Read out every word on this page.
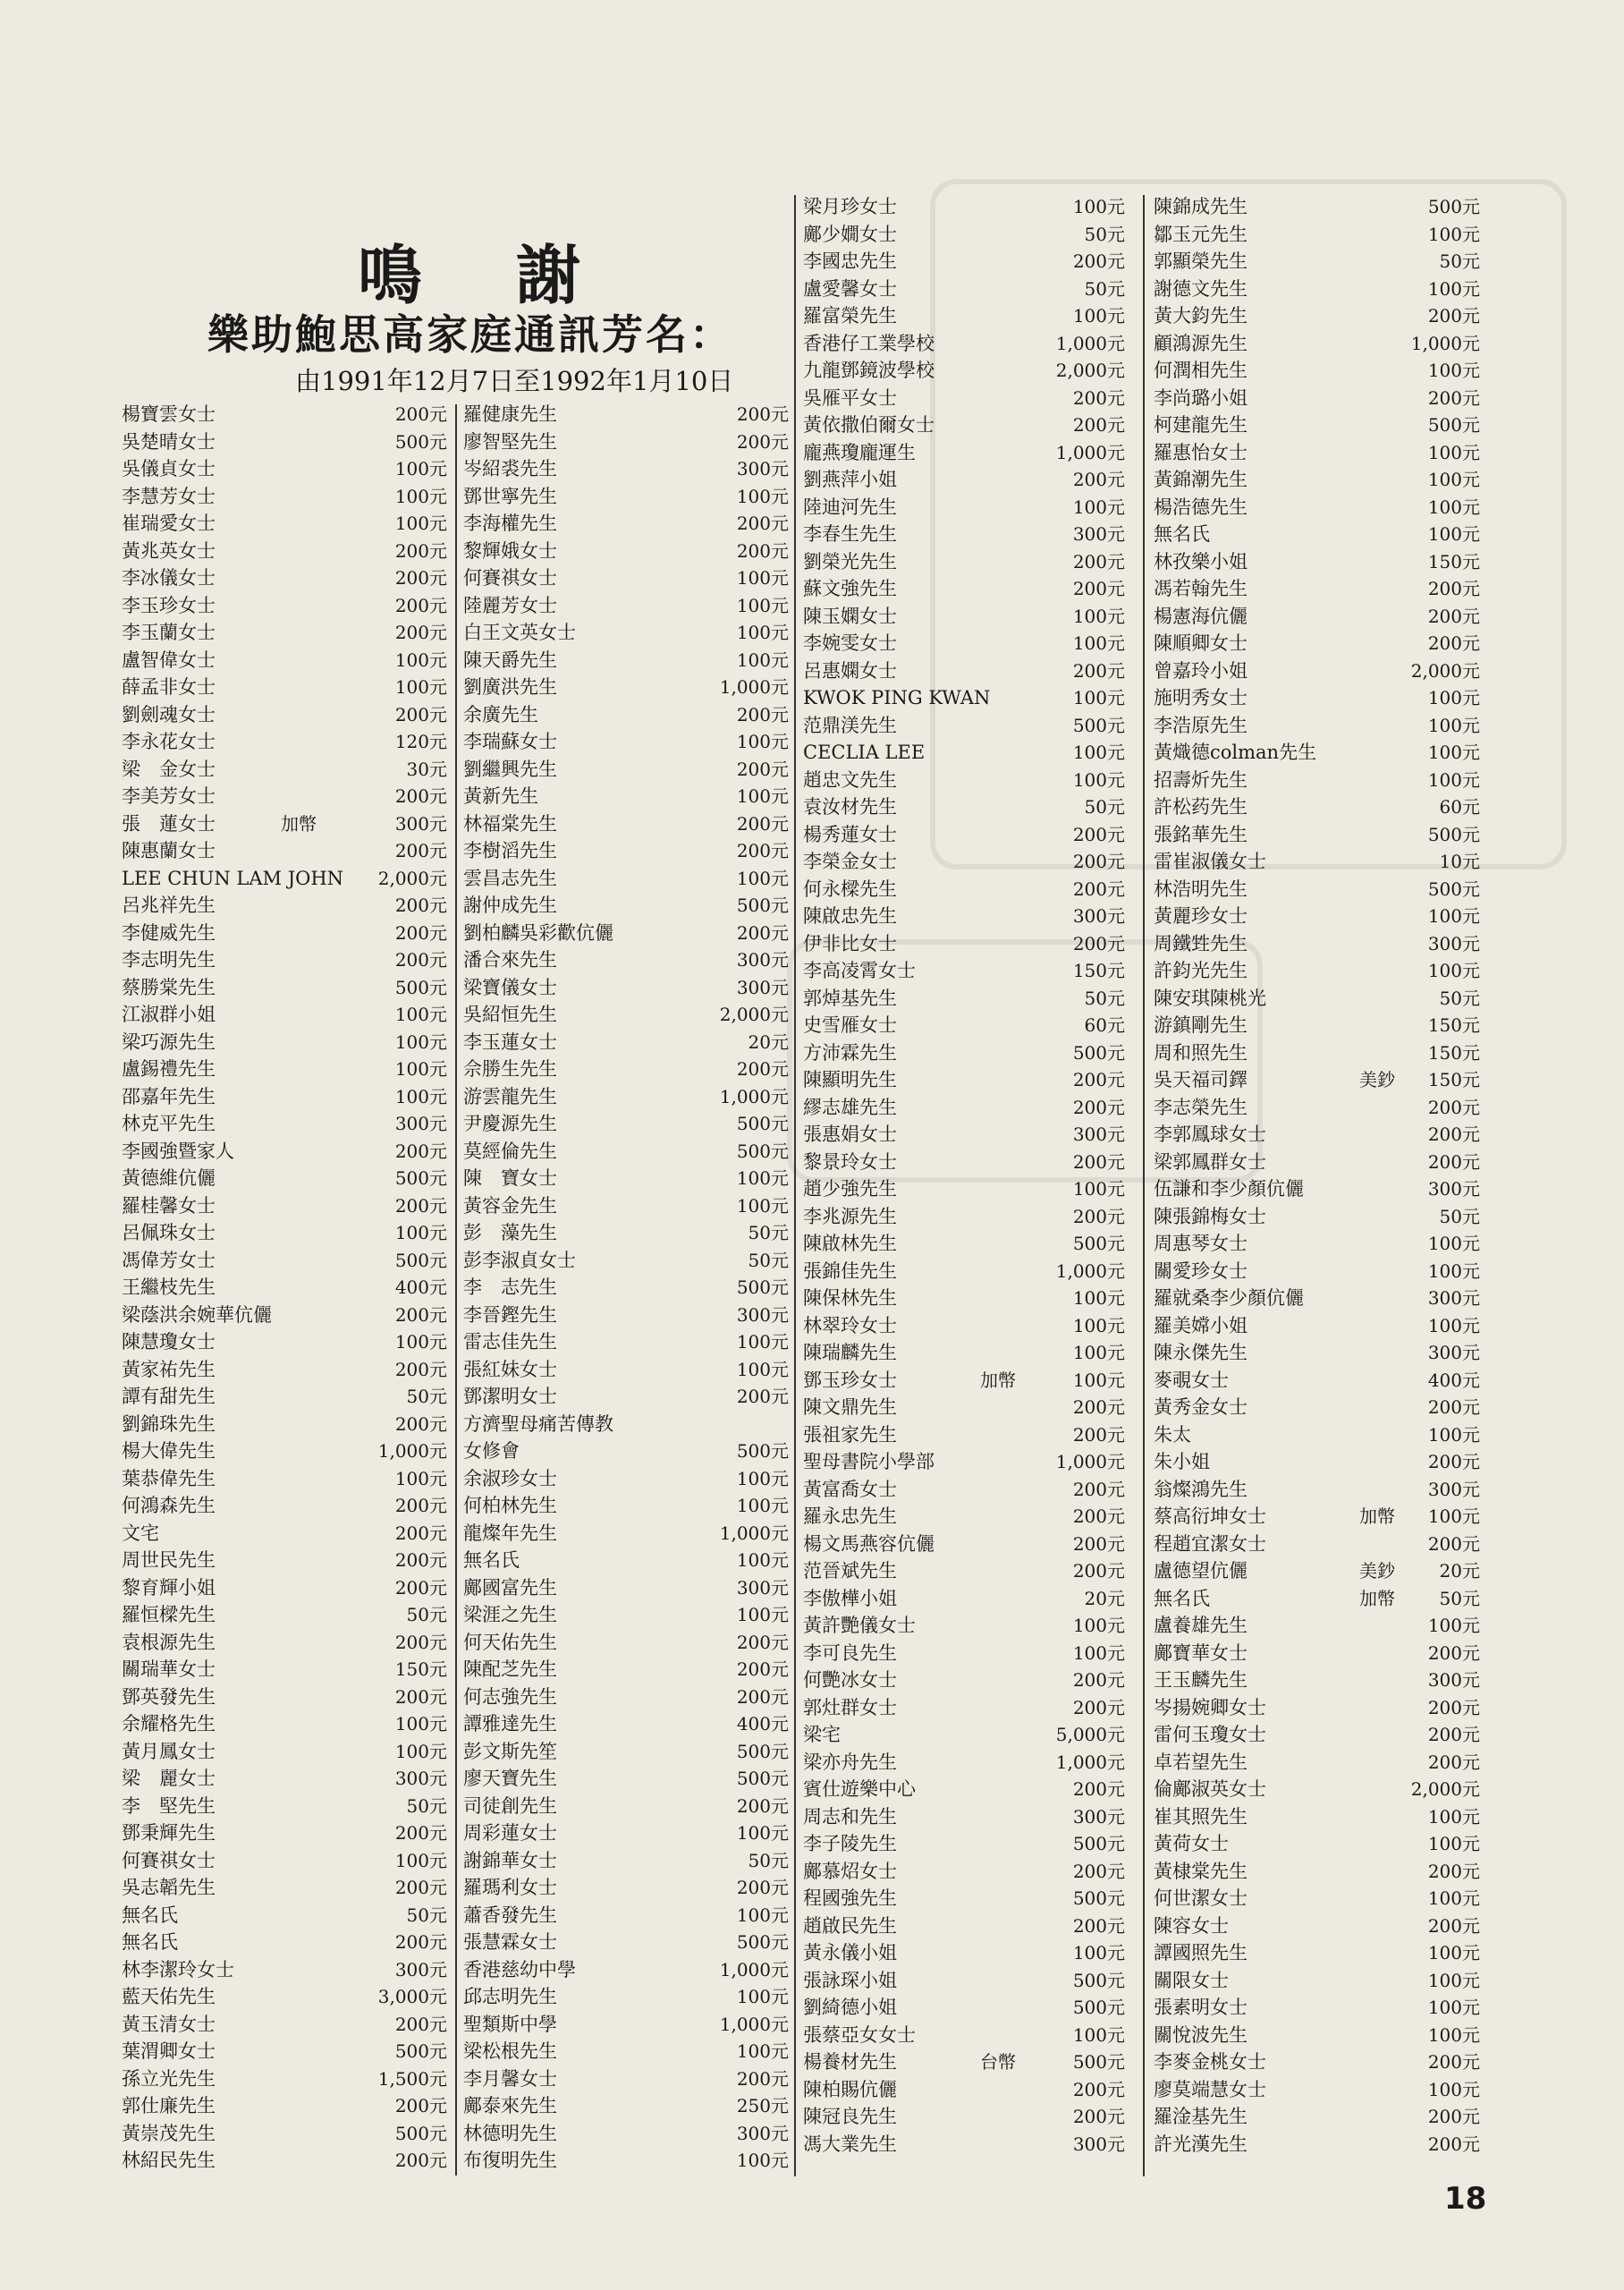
鳴 謝
樂助鮑思高家庭通訊芳名：
由1991年12月7日至1992年1月10日
楊寶雲女士	200元
吳楚晴女士	500元
吳儀貞女士	100元
李慧芳女士	100元
崔瑞愛女士	100元
黃兆英女士	200元
李冰儀女士	200元
李玉珍女士	200元
李玉蘭女士	200元
盧智偉女士	100元
薛孟非女士	100元
劉劍魂女士	200元
李永花女士	120元
梁　金女士	30元
李美芳女士	200元
張　蓮女士	加幣	300元
陳惠蘭女士	200元
LEE CHUN LAM JOHN 2,000元
呂兆祥先生	200元
李健威先生	200元
李志明先生	200元
蔡勝棠先生	500元
江淑群小姐	100元
梁巧源先生	100元
盧錫禮先生	100元
邵嘉年先生	100元
林克平先生	300元
李國強暨家人	200元
黃德維伉儷	500元
羅桂馨女士	200元
呂佩珠女士	100元
馮偉芳女士	500元
王繼枝先生	400元
梁蔭洪余婉華伉儷	200元
陳慧瓊女士	100元
黃家祐先生	200元
譚有甜先生	50元
劉錦珠先生	200元
楊大偉先生	1,000元
葉恭偉先生	100元
何鴻森先生	200元
文宅	200元
周世民先生	200元
黎育輝小姐	200元
羅恒樑先生	50元
袁根源先生	200元
關瑞華女士	150元
鄧英發先生	200元
余耀格先生	100元
黃月鳳女士	100元
梁　麗女士	300元
李　堅先生	50元
鄧秉輝先生	200元
何賽祺女士	100元
吳志韜先生	200元
無名氏	50元
無名氏	200元
林李潔玲女士	300元
藍天佑先生	3,000元
黃玉清女士	200元
葉渭卿女士	500元
孫立光先生	1,500元
郭仕廉先生	200元
黃崇茂先生	500元
林紹民先生	200元
羅健康先生	200元
廖智堅先生	200元
岑紹裘先生	300元
鄧世寧先生	100元
李海權先生	200元
黎輝娥女士	200元
何賽祺女士	100元
陸麗芳女士	100元
白王文英女士	100元
陳天爵先生	100元
劉廣洪先生	1,000元
余廣先生	200元
李瑞蘇女士	100元
劉繼興先生	200元
黃新先生	100元
林福棠先生	200元
李樹滔先生	200元
雲昌志先生	100元
謝仲成先生	500元
劉柏麟吳彩歡伉儷	200元
潘合來先生	300元
梁寶儀女士	300元
吳紹恒先生	2,000元
李玉蓮女士	20元
佘勝生先生	200元
游雲龍先生	1,000元
尹慶源先生	500元
莫經倫先生	500元
陳　寶女士	100元
黃容金先生	100元
彭　藻先生	50元
彭李淑貞女士	50元
李　志先生	500元
李晉鏗先生	300元
雷志佳先生	100元
張紅妹女士	100元
鄧潔明女士	200元
方濟聖母痛苦傳教
女修會	500元
余淑珍女士	100元
何柏林先生	100元
龍燦年先生	1,000元
無名氏	100元
鄺國富先生	300元
梁涯之先生	100元
何天佑先生	200元
陳配芝先生	200元
何志強先生	200元
譚雅達先生	400元
彭文斯先笙	500元
廖天寶先生	500元
司徒創先生	200元
周彩蓮女士	100元
謝錦華女士	50元
羅瑪利女士	200元
蕭香發先生	100元
張慧霖女士	500元
香港慈幼中學	1,000元
邱志明先生	100元
聖類斯中學	1,000元
梁松根先生	100元
李月馨女士	200元
鄺泰來先生	250元
林德明先生	300元
布復明先生	100元
梁月珍女士	100元
鄺少嫺女士	50元
李國忠先生	200元
盧愛馨女士	50元
羅富榮先生	100元
香港仔工業學校	1,000元
九龍鄧鏡波學校	2,000元
吳雁平女士	200元
黃依撒伯爾女士	200元
龐燕瓊龐運生	1,000元
劉燕萍小姐	200元
陸迪河先生	100元
李春生先生	300元
劉榮光先生	200元
蘇文強先生	200元
陳玉嫻女士	100元
李婉雯女士	100元
呂惠嫻女士	200元
KWOK PING KWAN	100元
范鼎渼先生	500元
CECLIA LEE	100元
趙忠文先生	100元
袁汝材先生	50元
楊秀蓮女士	200元
李榮金女士	200元
何永樑先生	200元
陳啟忠先生	300元
伊非比女士	200元
李高凌霄女士	150元
郭焯基先生	50元
史雪雁女士	60元
方沛霖先生	500元
陳顯明先生	200元
繆志雄先生	200元
張惠娟女士	300元
黎景玲女士	200元
趙少強先生	100元
李兆源先生	200元
陳啟林先生	500元
張錦佳先生	1,000元
陳保林先生	100元
林翠玲女士	100元
陳瑞麟先生	100元
鄧玉珍女士	加幣	100元
陳文鼎先生	200元
張祖家先生	200元
聖母書院小學部	1,000元
黃富喬女士	200元
羅永忠先生	200元
楊文馬燕容伉儷	200元
范晉斌先生	200元
李傲樺小姐	20元
黃許艷儀女士	100元
李可良先生	100元
何艷冰女士	200元
郭灶群女士	200元
梁宅	5,000元
梁亦舟先生	1,000元
賓仕遊樂中心	200元
周志和先生	300元
李子陵先生	500元
鄺慕炤女士	200元
程國強先生	500元
趙啟民先生	200元
黃永儀小姐	100元
張詠琛小姐	500元
劉綺德小姐	500元
張蔡亞女女士	100元
楊養材先生	台幣	500元
陳柏賜伉儷	200元
陳冠良先生	200元
馮大業先生	300元
陳錦成先生	500元
鄒玉元先生	100元
郭顯榮先生	50元
謝德文先生	100元
黃大鈞先生	200元
顧鴻源先生	1,000元
何潤相先生	100元
李尚璐小姐	200元
柯建龍先生	500元
羅惠怡女士	100元
黃錦潮先生	100元
楊浩德先生	100元
無名氏	100元
林孜樂小姐	150元
馮若翰先生	200元
楊憲海伉儷	200元
陳順卿女士	200元
曾嘉玲小姐	2,000元
施明秀女士	100元
李浩原先生	100元
黃熾德colman先生	100元
招壽炘先生	100元
許松药先生	60元
張銘華先生	500元
雷崔淑儀女士	10元
林浩明先生	500元
黃麗珍女士	100元
周鐵甡先生	300元
許鈞光先生	100元
陳安琪陳桃光	50元
游鎮剛先生	150元
周和照先生	150元
吳天福司鐸	美鈔 150元
李志榮先生	200元
李郭鳳球女士	200元
梁郭鳳群女士	200元
伍謙和李少顏伉儷	300元
陳張錦梅女士	50元
周惠琴女士	100元
關愛珍女士	100元
羅就桑李少顏伉儷	300元
羅美嫦小姐	100元
陳永傑先生	300元
麥覗女士	400元
黃秀金女士	200元
朱太	100元
朱小姐	200元
翁燦鴻先生	300元
蔡高衍坤女士	加幣 100元
程趙宜潔女士	200元
盧德望伉儷	美鈔 20元
無名氏	加幣 50元
盧養雄先生	100元
鄺寶華女士	200元
王玉麟先生	300元
岑揚婉卿女士	200元
雷何玉瓊女士	200元
卓若望先生	200元
倫鄺淑英女士	2,000元
崔其照先生	100元
黃荷女士	100元
黃棣棠先生	200元
何世潔女士	100元
陳容女士	200元
譚國照先生	100元
關限女士	100元
張素明女士	100元
關悅波先生	100元
李麥金桃女士	200元
廖莫端慧女士	100元
羅淦基先生	200元
許光漢先生	200元
18
